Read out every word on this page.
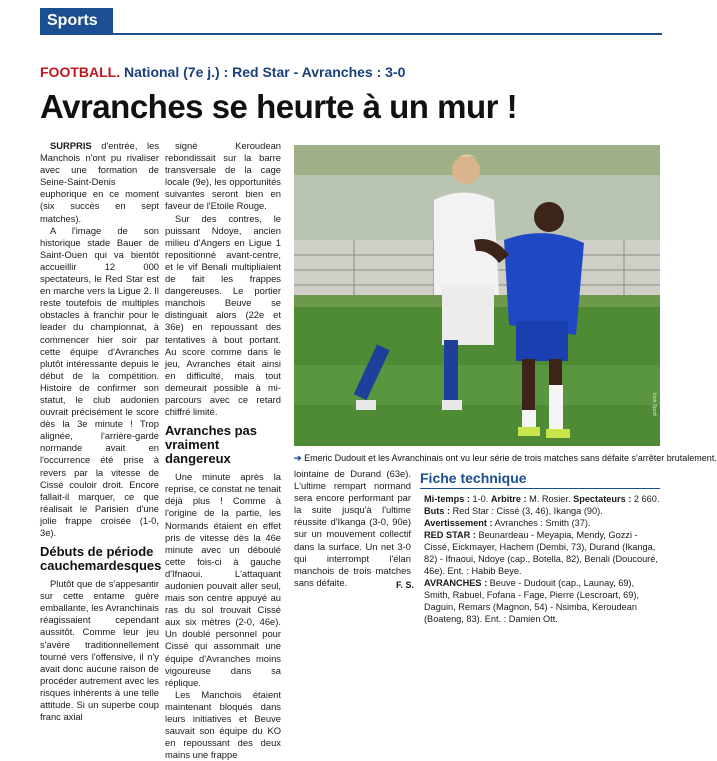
Sports
FOOTBALL. National (7e j.) : Red Star - Avranches : 3-0
Avranches se heurte à un mur !

SURPRIS d'entrée, les Manchois n'ont pu rivaliser avec une formation de Seine-Saint-Denis euphorique en ce moment (six succès en sept matches).

A l'image de son historique stade Bauer de Saint-Ouen qui va bientôt accueillir 12 000 spectateurs, le Red Star est en marche vers la Ligue 2. Il reste toutefois de multiples obstacles à franchir pour le leader du championnat, à commencer hier soir par cette équipe d'Avranches plutôt intéressante depuis le début de la compétition. Histoire de confirmer son statut, le club audonien ouvrait précisément le score dès la 3e minute ! Trop alignée, l'arrière-garde normande avait en l'occurrence été prise à revers par la vitesse de Cissé couloir droit. Encore fallait-il marquer, ce que réalisait le Parisien d'une jolie frappe croisée (1-0, 3e).

Débuts de période cauchemardesques

Plutôt que de s'appesantir sur cette entame guère emballante, les Avranchinais réagissaient cependant aussitôt. Comme leur jeu s'avère traditionnellement tourné vers l'offensive, il n'y avait donc aucune raison de procéder autrement avec les risques inhérents à une telle attitude. Si un superbe coup franc axial

signé Keroudean rebondissait sur la barre transversale de la cage locale (9e), les opportunités suivantes seront bien en faveur de l'Etoile Rouge.

Sur des contres, le puissant Ndoye, ancien milieu d'Angers en Ligue 1 repositionné avant-centre, et le vif Benali multipliaient de fait les frappes dangereuses. Le portier manchois Beuve se distinguait alors (22e et 36e) en repoussant des tentatives à bout portant. Au score comme dans le jeu, Avranches était ainsi en difficulté, mais tout demeurait possible à mi-parcours avec ce retard chiffré limité.

Avranches pas vraiment dangereux

Une minute après la reprise, ce constat ne tenait déjà plus ! Comme à l'origine de la partie, les Normands étaient en effet pris de vitesse dès la 46e minute avec un déboulé cette fois-ci à gauche d'Ifnaoui. L'attaquant audonien pouvait aller seul, mais son centre appuyé au ras du sol trouvait Cissé aux six mètres (2-0, 46e). Un doublé personnel pour Cissé qui assommait une équipe d'Avranches moins vigoureuse dans sa réplique.

Les Manchois étaient maintenant bloqués dans leurs initiatives et Beuve sauvait son équipe du KO en repoussant des deux mains une frappe

Icon Sport
➔ Emeric Dudouit et les Avranchinais ont vu leur série de trois matches sans défaite s'arrêter brutalement.

lointaine de Durand (63e). L'ultime rempart normand sera encore performant par la suite jusqu'à l'ultime réussite d'Ikanga (3-0, 90e) sur un mouvement collectif dans la surface. Un net 3-0 qui interrompt l'élan manchois de trois matches sans défaite.	F. S.
Fiche technique

Mi-temps : 1-0. Arbitre : M. Rosier. Spectateurs : 2 660.

Buts : Red Star : Cissé (3, 46), Ikanga (90).

Avertissement : Avranches : Smith (37).

RED STAR : Beunardeau - Meyapia, Mendy, Gozzi - Cissé, Eickmayer, Hachem (Dembi, 73), Durand (Ikanga, 82) - Ifnaoui, Ndoye (cap., Botella, 82), Benali (Doucouré, 46e). Ent. : Habib Beye.

AVRANCHES : Beuve - Dudouit (cap., Launay, 69), Smith, Rabuel, Fofana - Fage, Pierre (Lescroart, 69), Daguin, Remars (Magnon, 54) - Nsimba, Keroudean (Boateng, 83). Ent. : Damien Ott.
